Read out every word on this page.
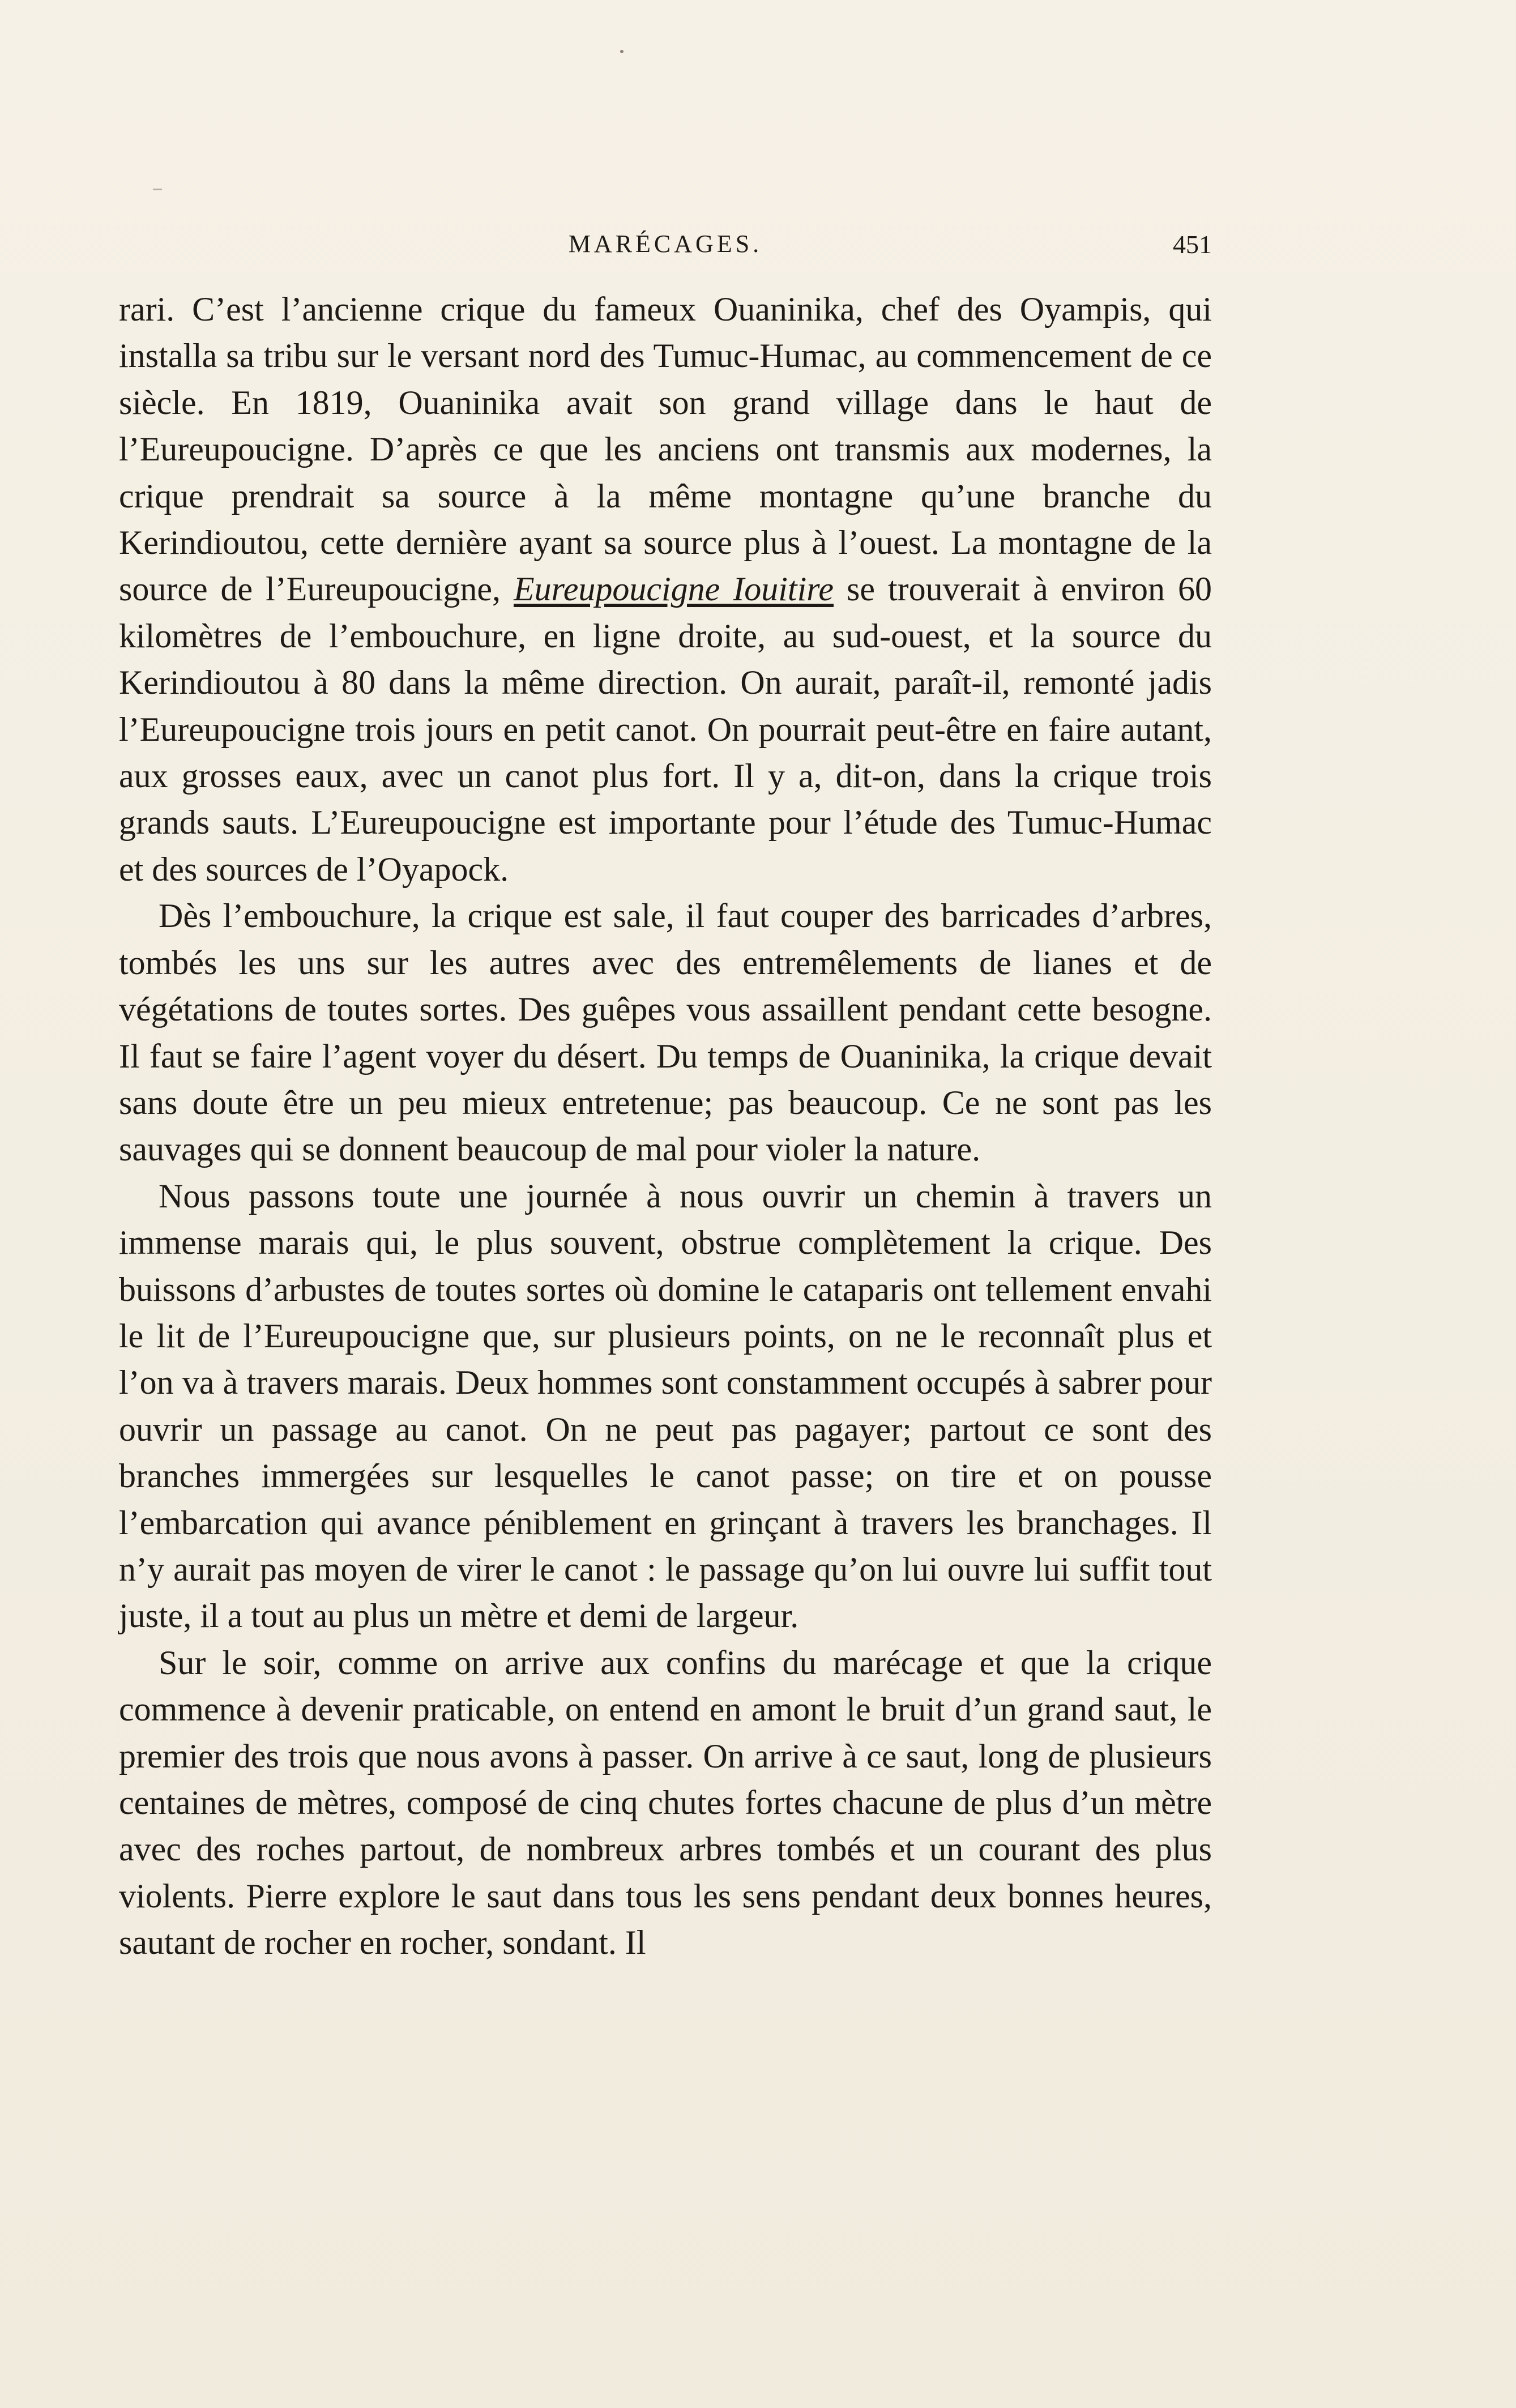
MARÉCAGES.	451

rari. C’est l’ancienne crique du fameux Ouaninika, chef des Oyampis, qui installa sa tribu sur le versant nord des Tumuc-Humac, au commencement de ce siècle. En 1819, Ouaninika avait son grand village dans le haut de l’Eureupoucigne. D’après ce que les anciens ont transmis aux modernes, la crique prendrait sa source à la même montagne qu’une branche du Kerindioutou, cette dernière ayant sa source plus à l’ouest. La montagne de la source de l’Eureupoucigne, Eureupoucigne Iouitire se trouverait à environ 60 kilomètres de l’embouchure, en ligne droite, au sud-ouest, et la source du Kerindioutou à 80 dans la même direction. On aurait, paraît-il, remonté jadis l’Eureupoucigne trois jours en petit canot. On pourrait peut-être en faire autant, aux grosses eaux, avec un canot plus fort. Il y a, dit-on, dans la crique trois grands sauts. L’Eureupoucigne est importante pour l’étude des Tumuc-Humac et des sources de l’Oyapock.

Dès l’embouchure, la crique est sale, il faut couper des barricades d’arbres, tombés les uns sur les autres avec des entremêlements de lianes et de végétations de toutes sortes. Des guêpes vous assaillent pendant cette besogne. Il faut se faire l’agent voyer du désert. Du temps de Ouaninika, la crique devait sans doute être un peu mieux entretenue; pas beaucoup. Ce ne sont pas les sauvages qui se donnent beaucoup de mal pour violer la nature.

Nous passons toute une journée à nous ouvrir un chemin à travers un immense marais qui, le plus souvent, obstrue complètement la crique. Des buissons d’arbustes de toutes sortes où domine le cataparis ont tellement envahi le lit de l’Eureupoucigne que, sur plusieurs points, on ne le reconnaît plus et l’on va à travers marais. Deux hommes sont constamment occupés à sabrer pour ouvrir un passage au canot. On ne peut pas pagayer; partout ce sont des branches immergées sur lesquelles le canot passe; on tire et on pousse l’embarcation qui avance péniblement en grinçant à travers les branchages. Il n’y aurait pas moyen de virer le canot : le passage qu’on lui ouvre lui suffit tout juste, il a tout au plus un mètre et demi de largeur.

Sur le soir, comme on arrive aux confins du marécage et que la crique commence à devenir praticable, on entend en amont le bruit d’un grand saut, le premier des trois que nous avons à passer. On arrive à ce saut, long de plusieurs centaines de mètres, composé de cinq chutes fortes chacune de plus d’un mètre avec des roches partout, de nombreux arbres tombés et un courant des plus violents. Pierre explore le saut dans tous les sens pendant deux bonnes heures, sautant de rocher en rocher, sondant. Il
